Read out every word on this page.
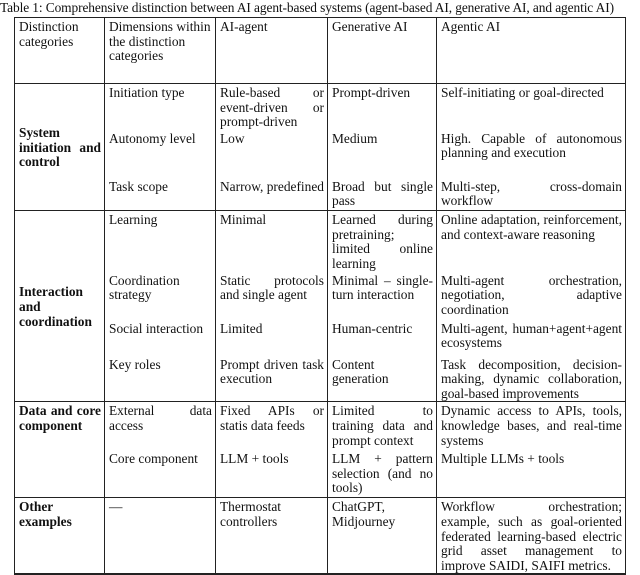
Table 1: Comprehensive distinction between AI agent-based systems (agent-based AI, generative AI, and agentic AI)
Distinction categories	Dimensions within the distinction categories	AI-agent	Generative AI	Agentic AI
System initiation and control	Initiation type	Rule-based or event-driven or prompt-driven	Prompt-driven	Self-initiating or goal-directed
	Autonomy level	Low	Medium	High. Capable of autonomous planning and execution
	Task scope	Narrow, predefined	Broad but single pass	Multi-step, cross-domain workflow
Interaction and coordination	Learning	Minimal	Learned during pretraining; limited online learning	Online adaptation, reinforcement, and context-aware reasoning
	Coordination strategy	Static protocols and single agent	Minimal – single-turn interaction	Multi-agent orchestration, negotiation, adaptive coordination
	Social interaction	Limited	Human-centric	Multi-agent, human+agent+agent ecosystems
	Key roles	Prompt driven task execution	Content generation	Task decomposition, decision-making, dynamic collaboration, goal-based improvements
Data and core component	External data access	Fixed APIs or statis data feeds	Limited to training data and prompt context	Dynamic access to APIs, tools, knowledge bases, and real-time systems
	Core component	LLM + tools	LLM + pattern selection (and no tools)	Multiple LLMs + tools
Other examples	—	Thermostat controllers	ChatGPT, Midjourney	Workflow orchestration; example, such as goal-oriented federated learning-based electric grid asset management to improve SAIDI, SAIFI metrics.
